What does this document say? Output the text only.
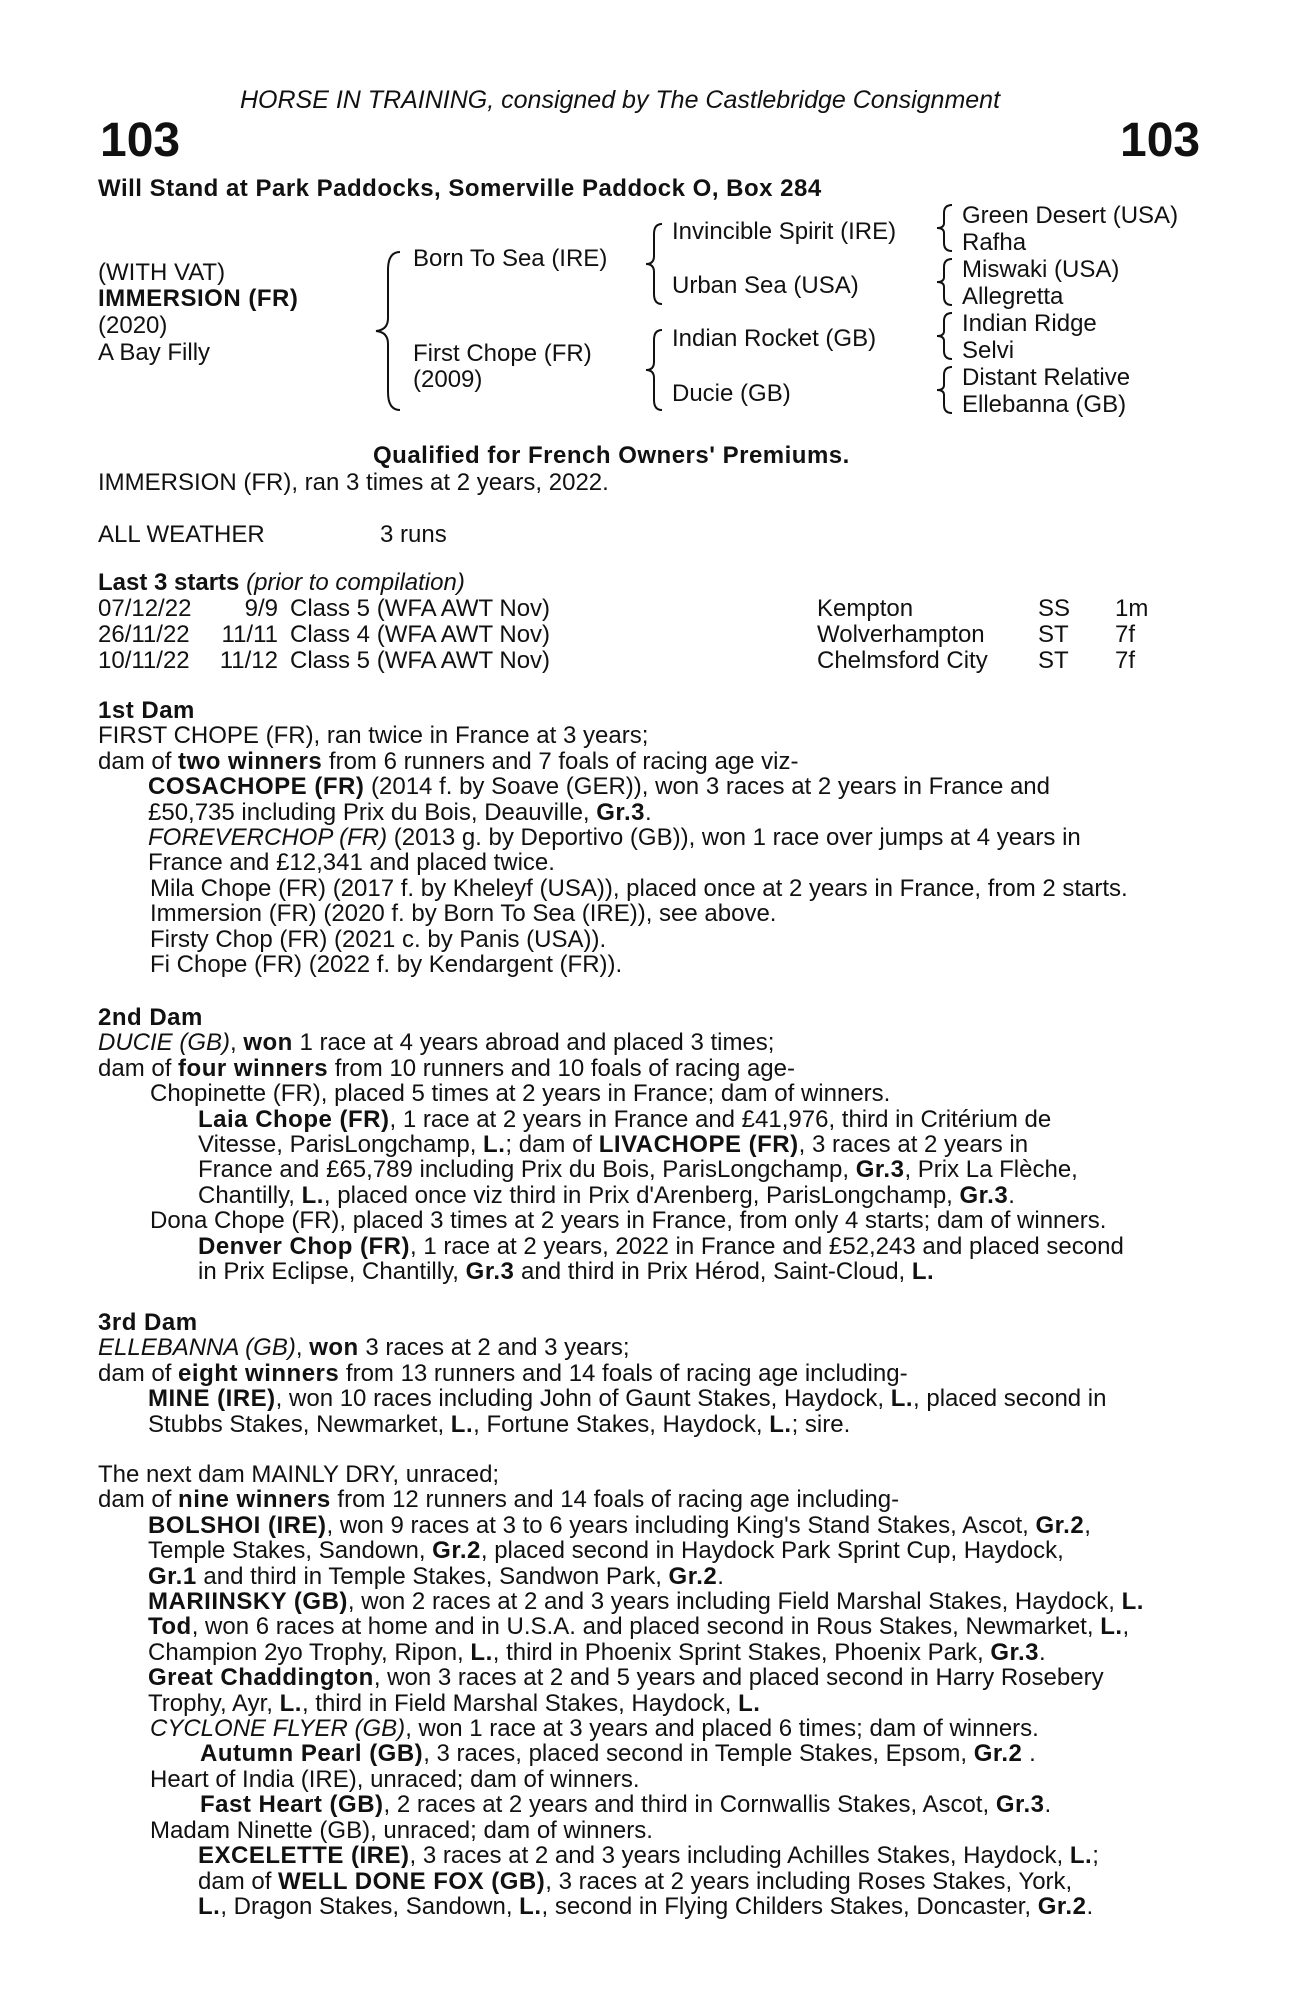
HORSE IN TRAINING, consigned by The Castlebridge Consignment
103	103
Will Stand at Park Paddocks, Somerville Paddock O, Box 284
(WITH VAT)
IMMERSION (FR)
(2020)
A Bay Filly
Born To Sea (IRE)
First Chope (FR)
(2009)
Invincible Spirit (IRE)
Urban Sea (USA)
Indian Rocket (GB)
Ducie (GB)
Green Desert (USA)
Rafha
Miswaki (USA)
Allegretta
Indian Ridge
Selvi
Distant Relative
Ellebanna (GB)
Qualified for French Owners' Premiums.
IMMERSION (FR), ran 3 times at 2 years, 2022.
ALL WEATHER	3 runs
Last 3 starts (prior to compilation)
07/12/22	9/9 Class 5 (WFA AWT Nov)	Kempton	SS 1m
26/11/22	11/11 Class 4 (WFA AWT Nov)	Wolverhampton ST 7f
10/11/22	11/12 Class 5 (WFA AWT Nov)	Chelmsford City ST 7f
1st Dam
FIRST CHOPE (FR), ran twice in France at 3 years;
dam of two winners from 6 runners and 7 foals of racing age viz-
COSACHOPE (FR) (2014 f. by Soave (GER)), won 3 races at 2 years in France and
£50,735 including Prix du Bois, Deauville, Gr.3.
FOREVERCHOP (FR) (2013 g. by Deportivo (GB)), won 1 race over jumps at 4 years in
France and £12,341 and placed twice.
Mila Chope (FR) (2017 f. by Kheleyf (USA)), placed once at 2 years in France, from 2 starts.
Immersion (FR) (2020 f. by Born To Sea (IRE)), see above.
Firsty Chop (FR) (2021 c. by Panis (USA)).
Fi Chope (FR) (2022 f. by Kendargent (FR)).
2nd Dam
DUCIE (GB), won 1 race at 4 years abroad and placed 3 times;
dam of four winners from 10 runners and 10 foals of racing age-
Chopinette (FR), placed 5 times at 2 years in France; dam of winners.
Laia Chope (FR), 1 race at 2 years in France and £41,976, third in Critérium de
Vitesse, ParisLongchamp, L.; dam of LIVACHOPE (FR), 3 races at 2 years in
France and £65,789 including Prix du Bois, ParisLongchamp, Gr.3, Prix La Flèche,
Chantilly, L., placed once viz third in Prix d'Arenberg, ParisLongchamp, Gr.3.
Dona Chope (FR), placed 3 times at 2 years in France, from only 4 starts; dam of winners.
Denver Chop (FR), 1 race at 2 years, 2022 in France and £52,243 and placed second
in Prix Eclipse, Chantilly, Gr.3 and third in Prix Hérod, Saint-Cloud, L.
3rd Dam
ELLEBANNA (GB), won 3 races at 2 and 3 years;
dam of eight winners from 13 runners and 14 foals of racing age including-
MINE (IRE), won 10 races including John of Gaunt Stakes, Haydock, L., placed second in
Stubbs Stakes, Newmarket, L., Fortune Stakes, Haydock, L.; sire.
The next dam MAINLY DRY, unraced;
dam of nine winners from 12 runners and 14 foals of racing age including-
BOLSHOI (IRE), won 9 races at 3 to 6 years including King's Stand Stakes, Ascot, Gr.2,
Temple Stakes, Sandown, Gr.2, placed second in Haydock Park Sprint Cup, Haydock,
Gr.1 and third in Temple Stakes, Sandwon Park, Gr.2.
MARIINSKY (GB), won 2 races at 2 and 3 years including Field Marshal Stakes, Haydock, L.
Tod, won 6 races at home and in U.S.A. and placed second in Rous Stakes, Newmarket, L.,
Champion 2yo Trophy, Ripon, L., third in Phoenix Sprint Stakes, Phoenix Park, Gr.3.
Great Chaddington, won 3 races at 2 and 5 years and placed second in Harry Rosebery
Trophy, Ayr, L., third in Field Marshal Stakes, Haydock, L.
CYCLONE FLYER (GB), won 1 race at 3 years and placed 6 times; dam of winners.
Autumn Pearl (GB), 3 races, placed second in Temple Stakes, Epsom, Gr.2 .
Heart of India (IRE), unraced; dam of winners.
Fast Heart (GB), 2 races at 2 years and third in Cornwallis Stakes, Ascot, Gr.3.
Madam Ninette (GB), unraced; dam of winners.
EXCELETTE (IRE), 3 races at 2 and 3 years including Achilles Stakes, Haydock, L.;
dam of WELL DONE FOX (GB), 3 races at 2 years including Roses Stakes, York,
L., Dragon Stakes, Sandown, L., second in Flying Childers Stakes, Doncaster, Gr.2.
